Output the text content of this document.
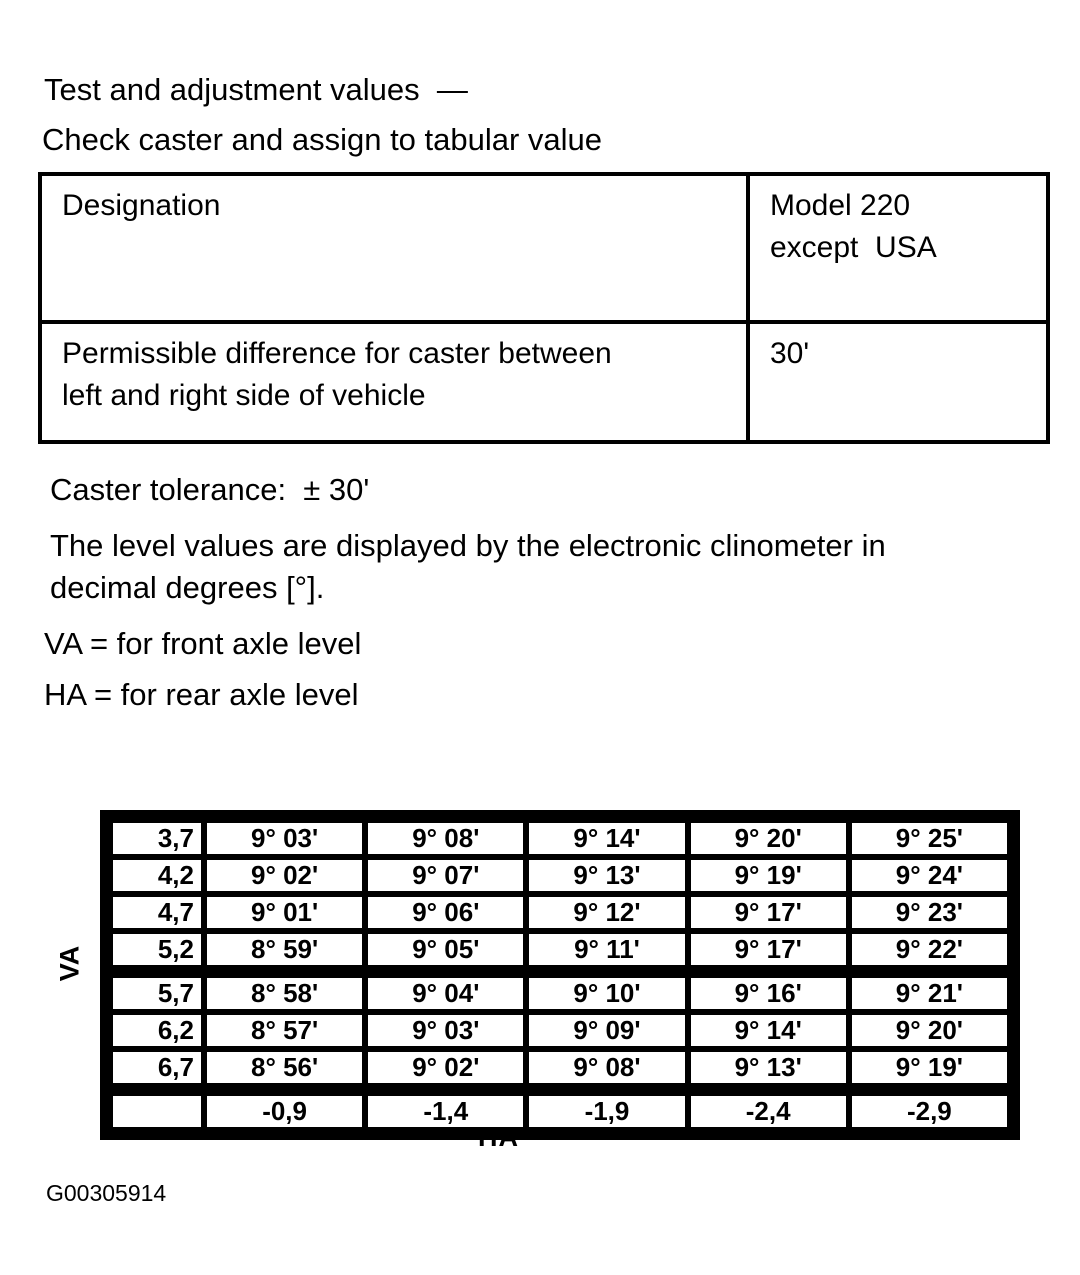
Test and adjustment values  —
Check caster and assign to tabular value
Designation	Model 220
except  USA
Permissible difference for caster between
left and right side of vehicle	30'
Caster tolerance:  ± 30'
The level values are displayed by the electronic clinometer in
decimal degrees [°].
VA = for front axle level
HA = for rear axle level
VA
3,7	9° 03'	9° 08'	9° 14'	9° 20'	9° 25'
4,2	9° 02'	9° 07'	9° 13'	9° 19'	9° 24'
4,7	9° 01'	9° 06'	9° 12'	9° 17'	9° 23'
5,2	8° 59'	9° 05'	9° 11'	9° 17'	9° 22'

5,7	8° 58'	9° 04'	9° 10'	9° 16'	9° 21'
6,2	8° 57'	9° 03'	9° 09'	9° 14'	9° 20'
6,7	8° 56'	9° 02'	9° 08'	9° 13'	9° 19'

	-0,9	-1,4	-1,9	-2,4	-2,9
HA
G00305914
